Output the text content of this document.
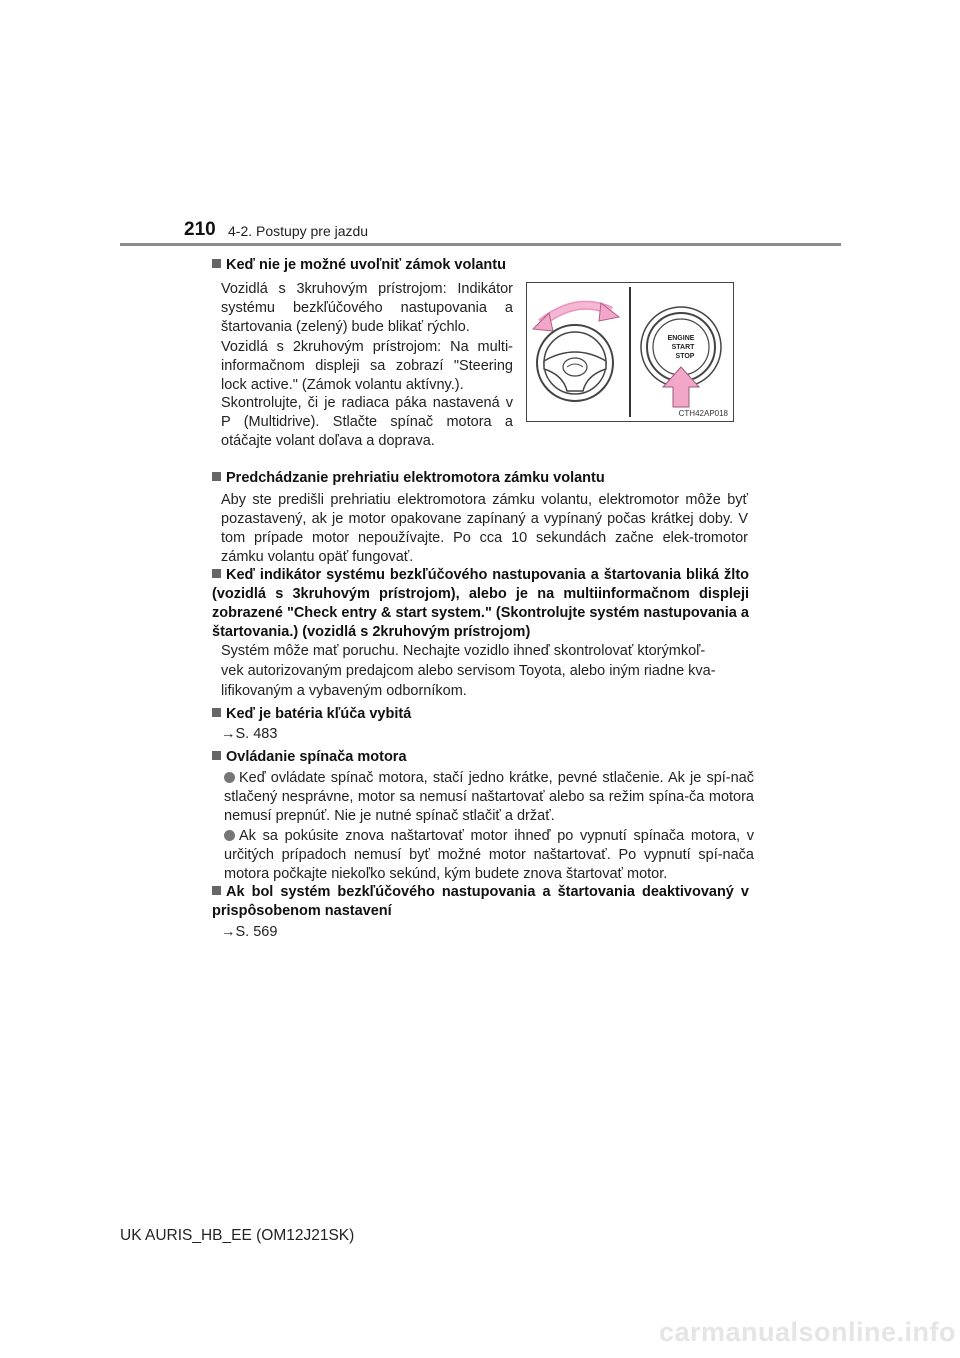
210 4-2. Postupy pre jazdu
Keď nie je možné uvoľniť zámok volantu
Vozidlá s 3kruhovým prístrojom: Indikátor systému bezkľúčového nastupovania a štartovania (zelený) bude blikať rýchlo.
Vozidlá s 2kruhovým prístrojom: Na multi-informačnom displeji sa zobrazí "Steering lock active." (Zámok volantu aktívny.).
Skontrolujte, či je radiaca páka nastavená v P (Multidrive). Stlačte spínač motora a otáčajte volant doľava a doprava.
ENGINE
START
STOP
CTH42AP018
Predchádzanie prehriatiu elektromotora zámku volantu
Aby ste predišli prehriatiu elektromotora zámku volantu, elektromotor môže byť pozastavený, ak je motor opakovane zapínaný a vypínaný počas krátkej doby. V tom prípade motor nepoužívajte. Po cca 10 sekundách začne elek-tromotor zámku volantu opäť fungovať.
Keď indikátor systému bezkľúčového nastupovania a štartovania bliká žlto (vozidlá s 3kruhovým prístrojom), alebo je na multiinformačnom displeji zobrazené "Check entry & start system." (Skontrolujte systém nastupovania a štartovania.) (vozidlá s 2kruhovým prístrojom)
Systém môže mať poruchu. Nechajte vozidlo ihneď skontrolovať ktorýmkoľ-
vek autorizovaným predajcom alebo servisom Toyota, alebo iným riadne kva-
lifikovaným a vybaveným odborníkom.
Keď je batéria kľúča vybitá
→S. 483
Ovládanie spínača motora
Keď ovládate spínač motora, stačí jedno krátke, pevné stlačenie. Ak je spí-nač stlačený nesprávne, motor sa nemusí naštartovať alebo sa režim spína-ča motora nemusí prepnúť. Nie je nutné spínač stlačiť a držať.
Ak sa pokúsite znova naštartovať motor ihneď po vypnutí spínača motora, v určitých prípadoch nemusí byť možné motor naštartovať. Po vypnutí spí-nača motora počkajte niekoľko sekúnd, kým budete znova štartovať motor.
Ak bol systém bezkľúčového nastupovania a štartovania deaktivovaný v prispôsobenom nastavení
→S. 569
UK AURIS_HB_EE (OM12J21SK)
carmanualsonline.info
